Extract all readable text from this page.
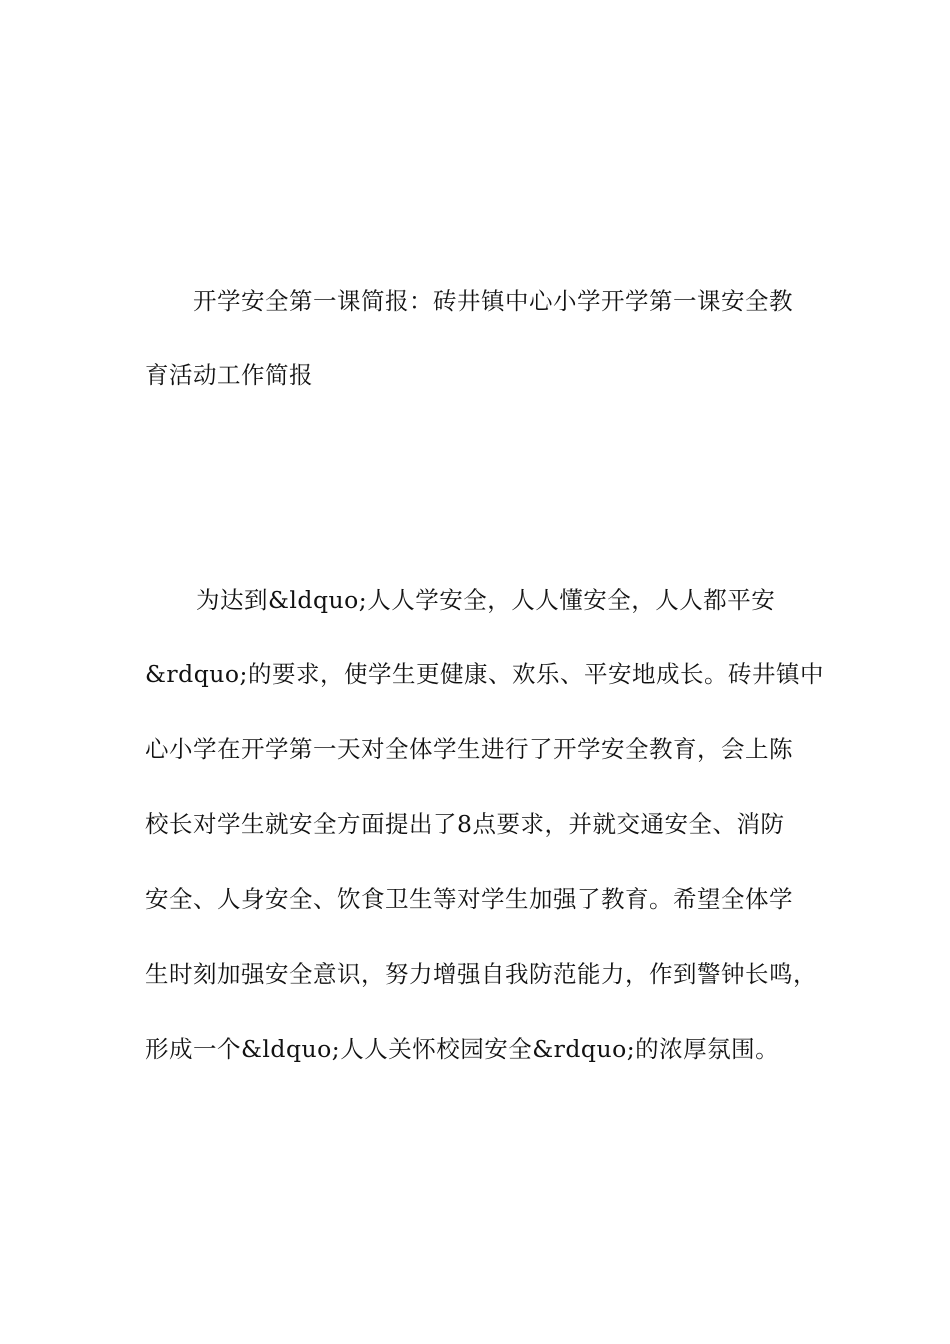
开学安全第一课简报：砖井镇中心小学开学第一课安全教
育活动工作简报
为达到&ldquo;人人学安全，人人懂安全，人人都平安
&rdquo;的要求，使学生更健康、欢乐、平安地成长。砖井镇中
心小学在开学第一天对全体学生进行了开学安全教育，会上陈
校长对学生就安全方面提出了8点要求，并就交通安全、消防
安全、人身安全、饮食卫生等对学生加强了教育。希望全体学
生时刻加强安全意识，努力增强自我防范能力，作到警钟长鸣，
形成一个&ldquo;人人关怀校园安全&rdquo;的浓厚氛围。
